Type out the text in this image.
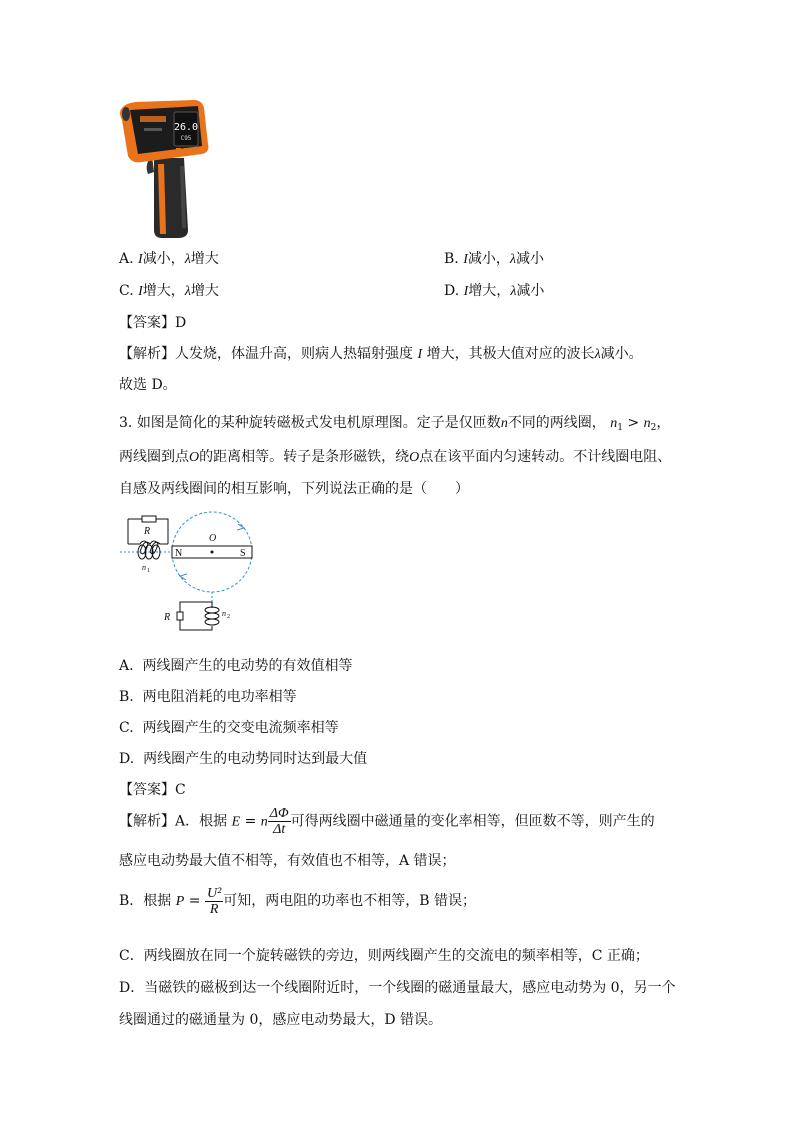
26.0
C95
A. I减小，λ增大	B. I减小，λ减小
C. I增大，λ增大	D. I增大，λ减小
【答案】D
【解析】人发烧，体温升高，则病人热辐射强度 I 增大，其极大值对应的波长λ减小。
故选 D。
3. 如图是简化的某种旋转磁极式发电机原理图。定子是仅匝数n不同的两线圈， $n_1 > n_2$，
两线圈到点O的距离相等。转子是条形磁铁，绕O点在该平面内匀速转动。不计线圈电阻、
自感及两线圈间的相互影响，下列说法正确的是（　　）
R
n 1
N	S
O
R	n 2
A. 两线圈产生的电动势的有效值相等
B. 两电阻消耗的电功率相等
C. 两线圈产生的交变电流频率相等
D. 两线圈产生的电动势同时达到最大值
【答案】C
【解析】A．根据 E = n $\frac{\Delta\Phi}{\Delta t}$ 可得两线圈中磁通量的变化率相等，但匝数不等，则产生的
感应电动势最大值不相等，有效值也不相等，A 错误；
B．根据 $P = \frac{\text{U²}}{R}$ 可知，两电阻的功率也不相等，B 错误；
C．两线圈放在同一个旋转磁铁的旁边，则两线圈产生的交流电的频率相等，C 正确；
D．当磁铁的磁极到达一个线圈附近时，一个线圈的磁通量最大，感应电动势为 0，另一个
线圈通过的磁通量为 0，感应电动势最大，D 错误。
